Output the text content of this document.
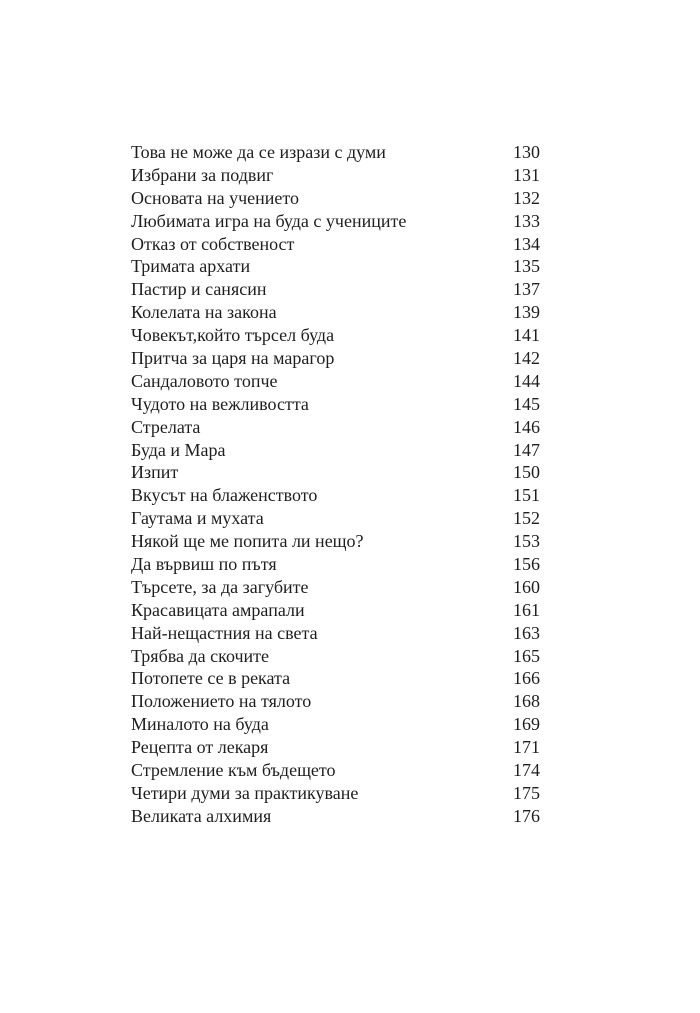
Това не може да се изрази с думи	130
Избрани за подвиг	131
Основата на учението	132
Любимата игра на буда с учениците	133
Отказ от собственост	134
Тримата архати	135
Пастир и санясин	137
Колелата на закона	139
Човекът,който търсел буда	141
Притча за царя на марагор	142
Сандаловото топче	144
Чудото на вежливостта	145
Стрелата	146
Буда и Мара	147
Изпит	150
Вкусът на блаженството	151
Гаутама и мухата	152
Някой ще ме попита ли нещо?	153
Да вървиш по пътя	156
Търсете, за да загубите	160
Красавицата амрапали	161
Най-нещастния на света	163
Трябва да скочите	165
Потопете се в реката	166
Положението на тялото	168
Миналото на буда	169
Рецепта от лекаря	171
Стремление към бъдещето	174
Четири думи за практикуване	175
Великата алхимия	176
